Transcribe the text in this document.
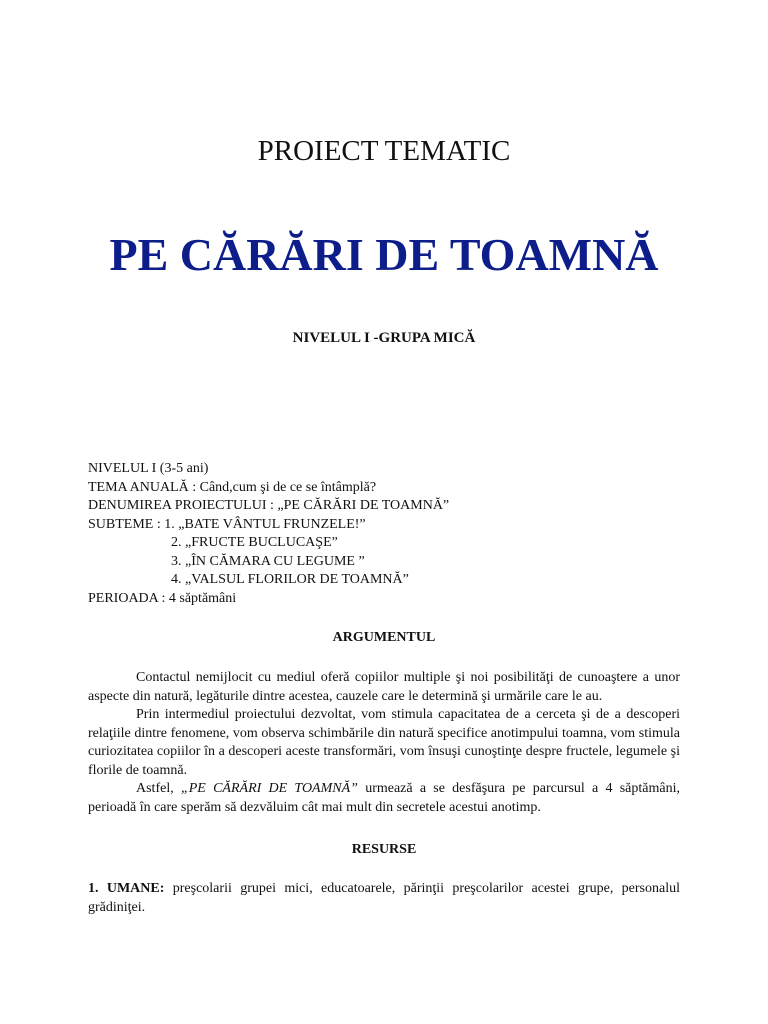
PROIECT TEMATIC
PE CĂRĂRI DE TOAMNĂ
NIVELUL I -GRUPA MICĂ
NIVELUL I (3-5 ani)
TEMA ANUALĂ : Când,cum şi de ce se întâmplă?
DENUMIREA PROIECTULUI : „PE CĂRĂRI DE TOAMNĂ”
SUBTEME : 1. „BATE VÂNTUL FRUNZELE!”
2. „FRUCTE BUCLUCAŞE”
3. „ÎN CĂMARA CU LEGUME ”
4. „VALSUL FLORILOR DE TOAMNĂ”
PERIOADA : 4 săptămâni
ARGUMENTUL

Contactul nemijlocit cu mediul oferă copiilor multiple şi noi posibilităţi de cunoaştere a unor aspecte din natură, legăturile dintre acestea, cauzele care le determină şi urmările care le au.

Prin intermediul proiectului dezvoltat, vom stimula capacitatea de a cerceta şi de a descoperi relaţiile dintre fenomene, vom observa schimbările din natură specifice anotimpului toamna, vom stimula curiozitatea copiilor în a descoperi aceste transformări, vom însuşi cunoştinţe despre fructele, legumele şi florile de toamnă.

Astfel, „PE CĂRĂRI DE TOAMNĂ” urmează a se desfăşura pe parcursul a 4 săptămâni, perioadă în care sperăm să dezvăluim cât mai mult din secretele acestui anotimp.

RESURSE

1. UMANE: preşcolarii grupei mici, educatoarele, părinţii preşcolarilor acestei grupe, personalul grădiniţei.
